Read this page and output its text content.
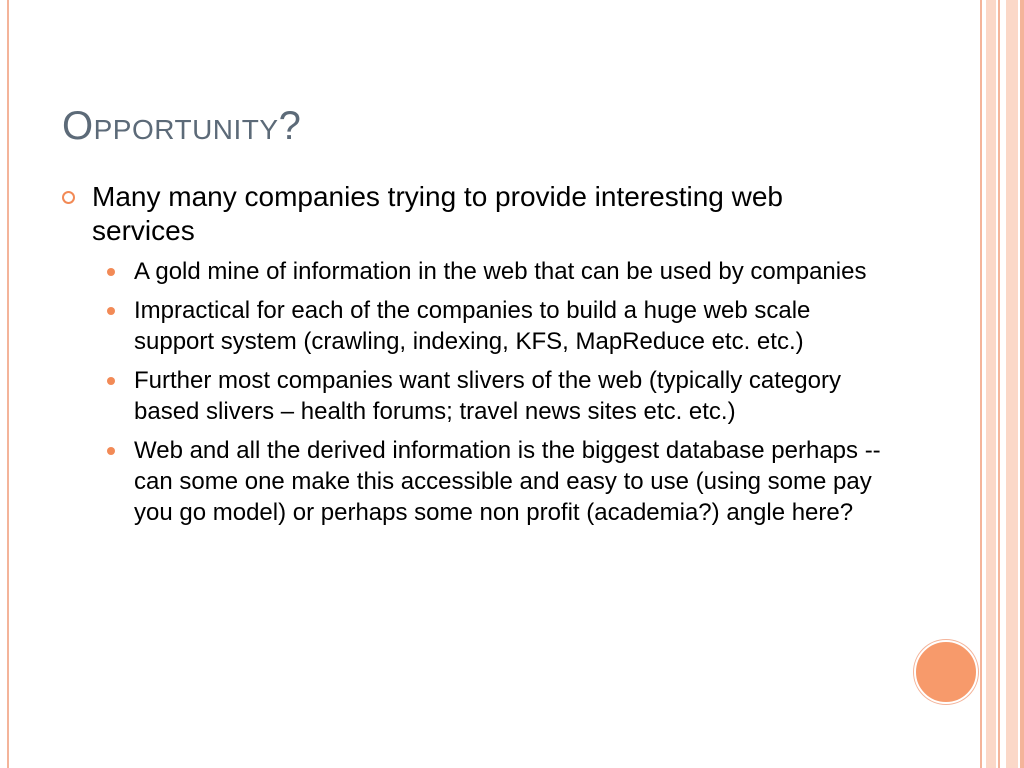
Opportunity?
Many many companies trying to provide interesting web services
A gold mine of information in the web that can be used by companies
Impractical for each of the companies to build a huge web scale support system (crawling, indexing, KFS, MapReduce etc. etc.)
Further most companies want slivers of the web (typically category based slivers – health forums; travel news sites etc. etc.)
Web and all the derived information is the biggest database perhaps -- can some one make this accessible and easy to use (using some pay you go model) or perhaps some non profit (academia?) angle here?
